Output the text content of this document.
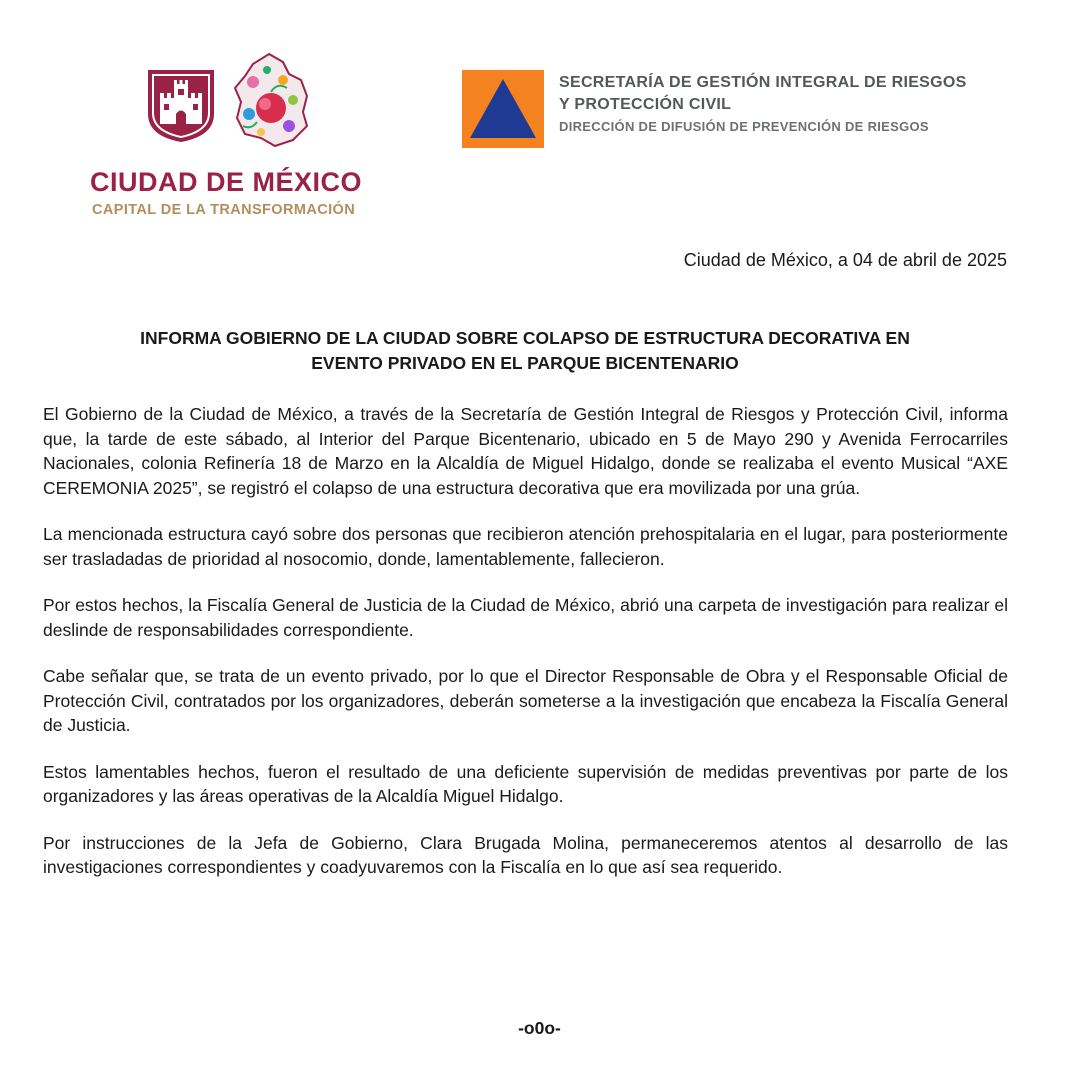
CIUDAD DE MÉXICO
CAPITAL DE LA TRANSFORMACIÓN
SECRETARÍA DE GESTIÓN INTEGRAL DE RIESGOS
Y PROTECCIÓN CIVIL
DIRECCIÓN DE DIFUSIÓN DE PREVENCIÓN DE RIESGOS
Ciudad de México, a 04 de abril de 2025
INFORMA GOBIERNO DE LA CIUDAD SOBRE COLAPSO DE ESTRUCTURA DECORATIVA EN
EVENTO PRIVADO EN EL PARQUE BICENTENARIO

El Gobierno de la Ciudad de México, a través de la Secretaría de Gestión Integral de Riesgos y Protección Civil, informa que, la tarde de este sábado, al Interior del Parque Bicentenario, ubicado en 5 de Mayo 290 y Avenida Ferrocarriles Nacionales, colonia Refinería 18 de Marzo en la Alcaldía de Miguel Hidalgo, donde se realizaba el evento Musical “AXE CEREMONIA 2025”, se registró el colapso de una estructura decorativa que era movilizada por una grúa.

La mencionada estructura cayó sobre dos personas que recibieron atención prehospitalaria en el lugar, para posteriormente ser trasladadas de prioridad al nosocomio, donde, lamentablemente, fallecieron.

Por estos hechos, la Fiscalía General de Justicia de la Ciudad de México, abrió una carpeta de investigación para realizar el deslinde de responsabilidades correspondiente.

Cabe señalar que, se trata de un evento privado, por lo que el Director Responsable de Obra y el Responsable Oficial de Protección Civil, contratados por los organizadores, deberán someterse a la investigación que encabeza la Fiscalía General de Justicia.

Estos lamentables hechos, fueron el resultado de una deficiente supervisión de medidas preventivas por parte de los organizadores y las áreas operativas de la Alcaldía Miguel Hidalgo.

Por instrucciones de la Jefa de Gobierno, Clara Brugada Molina, permaneceremos atentos al desarrollo de las investigaciones correspondientes y coadyuvaremos con la Fiscalía en lo que así sea requerido.

-o0o-
